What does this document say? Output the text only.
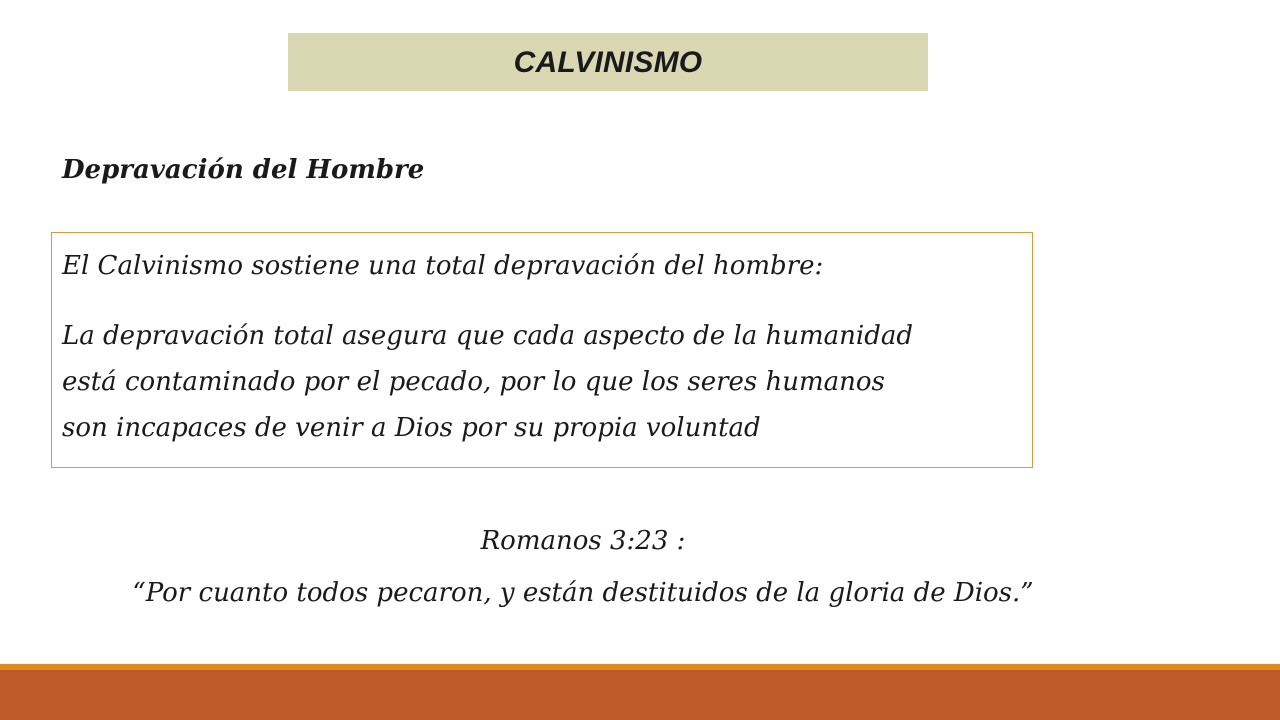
CALVINISMO
Depravación del Hombre
El Calvinismo sostiene una total depravación del hombre:
La depravación total asegura que cada aspecto de la humanidad
está contaminado por el pecado, por lo que los seres humanos
son incapaces de venir a Dios por su propia voluntad
Romanos 3:23 :
“Por cuanto todos pecaron, y están destituidos de la gloria de Dios.”
